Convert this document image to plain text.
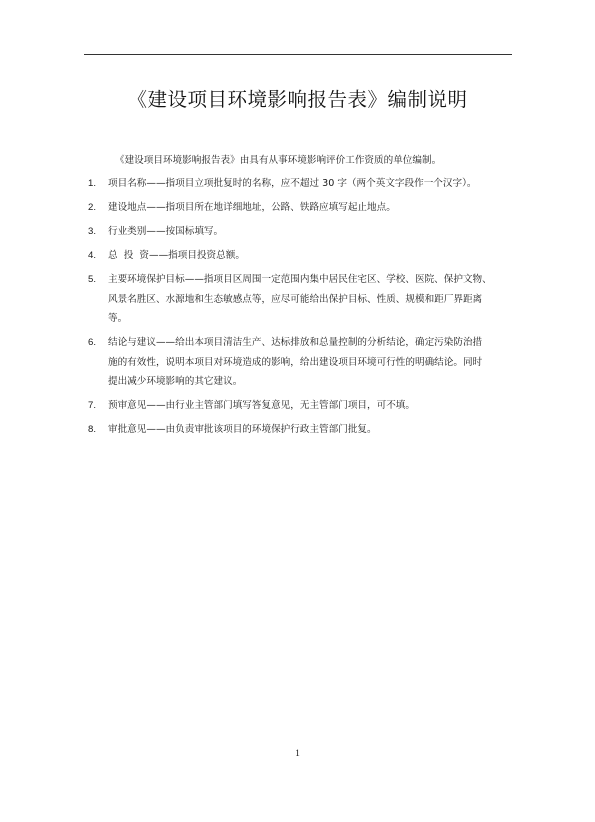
《建设项目环境影响报告表》编制说明
《建设项目环境影响报告表》由具有从事环境影响评价工作资质的单位编制。
1. 项目名称——指项目立项批复时的名称，应不超过 30 字（两个英文字段作一个汉字）。
2. 建设地点——指项目所在地详细地址，公路、铁路应填写起止地点。
3. 行业类别——按国标填写。
4. 总  投  资——指项目投资总额。
5. 主要环境保护目标——指项目区周围一定范围内集中居民住宅区、学校、医院、保护文物、
风景名胜区、水源地和生态敏感点等，应尽可能给出保护目标、性质、规模和距厂界距离
等。
6. 结论与建议——给出本项目清洁生产、达标排放和总量控制的分析结论，确定污染防治措
施的有效性，说明本项目对环境造成的影响，给出建设项目环境可行性的明确结论。同时
提出减少环境影响的其它建议。
7. 预审意见——由行业主管部门填写答复意见，无主管部门项目，可不填。
8. 审批意见——由负责审批该项目的环境保护行政主管部门批复。
1
